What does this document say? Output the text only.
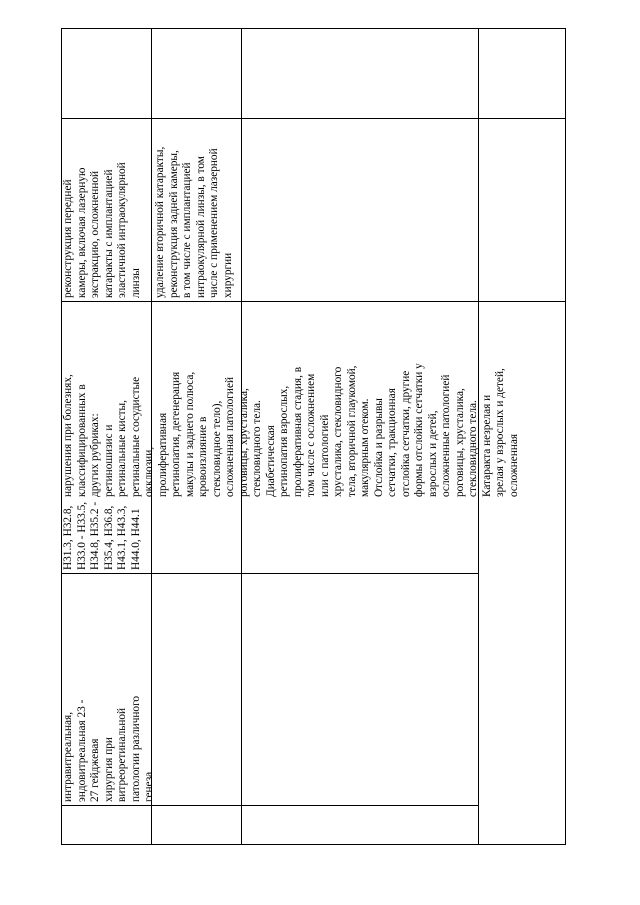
интравитреальная, эндовитреальная 23 - 27 гейджевая хирургия при витреоретинальной патологии различного генеза
H31.3, H32.8, H33.0 - H33.5, H34.8, H35.2 - H35.4, H36.8, H43.1, H43.3, H44.0, H44.1
нарушения при болезнях, классифицированных в других рубриках: ретиношизис и ретинальные кисты, ретинальные сосудистые окклюзии, пролиферативная ретинопатия, дегенерация макулы и заднего полюса, кровоизлияние в стекловидное тело), осложненная патологией роговицы, хрусталика, стекловидного тела. Диабетическая ретинопатия взрослых, пролиферативная стадия, в том числе с осложнением или с патологией хрусталика, стекловидного тела, вторичной глаукомой, макулярным отеком. Отслойка и разрывы сетчатки, тракционная отслойка сетчатки, другие формы отслойки сетчатки у взрослых и детей, осложненные патологией роговицы, хрусталика, стекловидного тела. Катаракта незрелая и зрелая у взрослых и детей, осложненная
реконструкция передней камеры, включая лазерную экстракцию, осложненной катаракты с имплантацией эластичной интраокулярной линзы удаление вторичной катаракты, реконструкция задней камеры, в том числе с имплантацией интраокулярной линзы, в том числе с применением лазерной хирургии
